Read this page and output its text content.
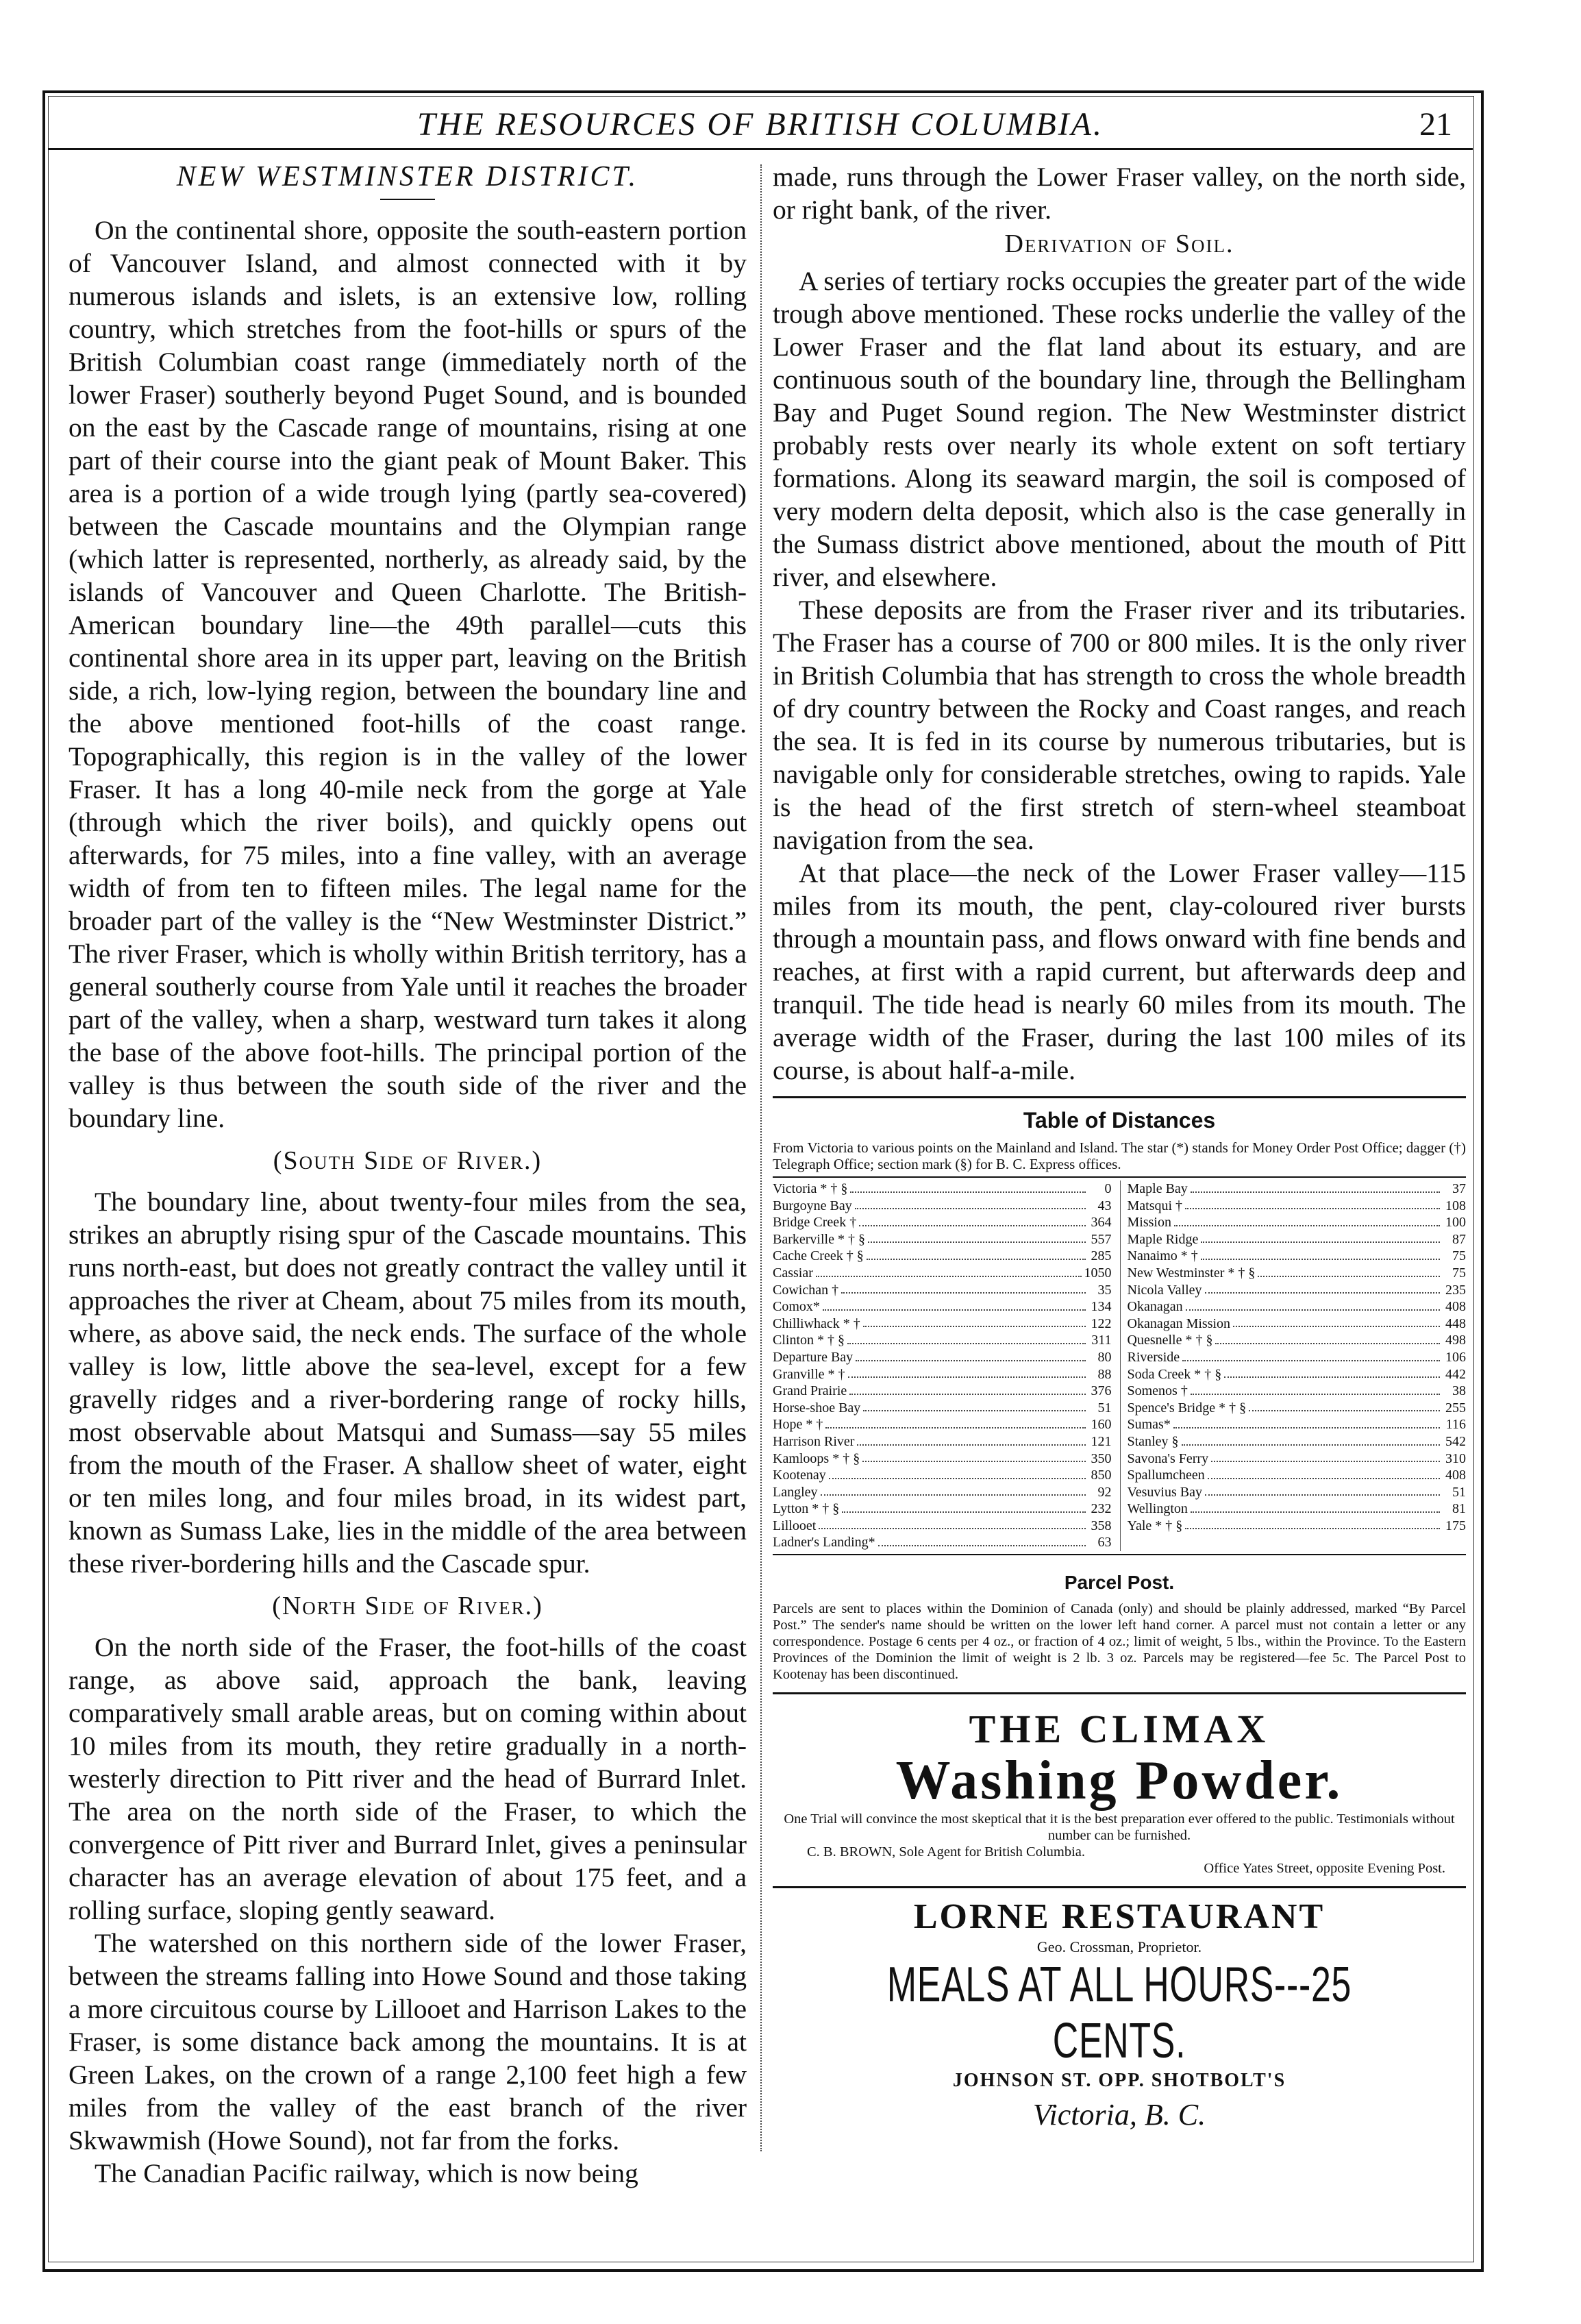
THE RESOURCES OF BRITISH COLUMBIA.	21
NEW WESTMINSTER DISTRICT.

On the continental shore, opposite the south-eastern portion of Vancouver Island, and almost connected with it by numerous islands and islets, is an extensive low, rolling country, which stretches from the foot-hills or spurs of the British Columbian coast range (immediately north of the lower Fraser) southerly beyond Puget Sound, and is bounded on the east by the Cascade range of mountains, rising at one part of their course into the giant peak of Mount Baker. This area is a portion of a wide trough lying (partly sea-covered) between the Cascade mountains and the Olympian range (which latter is represented, northerly, as already said, by the islands of Vancouver and Queen Charlotte. The British-American boundary line—the 49th parallel—cuts this continental shore area in its upper part, leaving on the British side, a rich, low-lying region, between the boundary line and the above mentioned foot-hills of the coast range. Topographically, this region is in the valley of the lower Fraser. It has a long 40-mile neck from the gorge at Yale (through which the river boils), and quickly opens out afterwards, for 75 miles, into a fine valley, with an average width of from ten to fifteen miles. The legal name for the broader part of the valley is the “New Westminster District.” The river Fraser, which is wholly within British territory, has a general southerly course from Yale until it reaches the broader part of the valley, when a sharp, westward turn takes it along the base of the above foot-hills. The principal portion of the valley is thus between the south side of the river and the boundary line.

(South Side of River.)

The boundary line, about twenty-four miles from the sea, strikes an abruptly rising spur of the Cascade mountains. This runs north-east, but does not greatly contract the valley until it approaches the river at Cheam, about 75 miles from its mouth, where, as above said, the neck ends. The surface of the whole valley is low, little above the sea-level, except for a few gravelly ridges and a river-bordering range of rocky hills, most observable about Matsqui and Sumass—say 55 miles from the mouth of the Fraser. A shallow sheet of water, eight or ten miles long, and four miles broad, in its widest part, known as Sumass Lake, lies in the middle of the area between these river-bordering hills and the Cascade spur.

(North Side of River.)

On the north side of the Fraser, the foot-hills of the coast range, as above said, approach the bank, leaving comparatively small arable areas, but on coming within about 10 miles from its mouth, they retire gradually in a north-westerly direction to Pitt river and the head of Burrard Inlet. The area on the north side of the Fraser, to which the convergence of Pitt river and Burrard Inlet, gives a peninsular character has an average elevation of about 175 feet, and a rolling surface, sloping gently seaward.

The watershed on this northern side of the lower Fraser, between the streams falling into Howe Sound and those taking a more circuitous course by Lillooet and Harrison Lakes to the Fraser, is some distance back among the mountains. It is at Green Lakes, on the crown of a range 2,100 feet high a few miles from the valley of the east branch of the river Skwawmish (Howe Sound), not far from the forks.

The Canadian Pacific railway, which is now being

made, runs through the Lower Fraser valley, on the north side, or right bank, of the river.

Derivation of Soil.

A series of tertiary rocks occupies the greater part of the wide trough above mentioned. These rocks underlie the valley of the Lower Fraser and the flat land about its estuary, and are continuous south of the boundary line, through the Bellingham Bay and Puget Sound region. The New Westminster district probably rests over nearly its whole extent on soft tertiary formations. Along its seaward margin, the soil is composed of very modern delta deposit, which also is the case generally in the Sumass district above mentioned, about the mouth of Pitt river, and elsewhere.

These deposits are from the Fraser river and its tributaries. The Fraser has a course of 700 or 800 miles. It is the only river in British Columbia that has strength to cross the whole breadth of dry country between the Rocky and Coast ranges, and reach the sea. It is fed in its course by numerous tributaries, but is navigable only for considerable stretches, owing to rapids. Yale is the head of the first stretch of stern-wheel steamboat navigation from the sea.

At that place—the neck of the Lower Fraser valley—115 miles from its mouth, the pent, clay-coloured river bursts through a mountain pass, and flows onward with fine bends and reaches, at first with a rapid current, but afterwards deep and tranquil. The tide head is nearly 60 miles from its mouth. The average width of the Fraser, during the last 100 miles of its course, is about half-a-mile.

Table of Distances
From Victoria to various points on the Mainland and Island. The star (*) stands for Money Order Post Office; dagger (†) Telegraph Office; section mark (§) for B. C. Express offices.
Victoria * † §	0
Burgoyne Bay	43
Bridge Creek †	364
Barkerville * † §	557
Cache Creek † §	285
Cassiar	1050
Cowichan †	35
Comox*	134
Chilliwhack * †	122
Clinton * † §	311
Departure Bay	80
Granville * †	88
Grand Prairie	376
Horse-shoe Bay	51
Hope * †	160
Harrison River	121
Kamloops * † §	350
Kootenay	850
Langley	92
Lytton * † §	232
Lillooet	358
Ladner's Landing*	63
Maple Bay	37
Matsqui †	108
Mission	100
Maple Ridge	87
Nanaimo * †	75
New Westminster * † §	75
Nicola Valley	235
Okanagan	408
Okanagan Mission	448
Quesnelle * † §	498
Riverside	106
Soda Creek * † §	442
Somenos †	38
Spence's Bridge * † §	255
Sumas*	116
Stanley §	542
Savona's Ferry	310
Spallumcheen	408
Vesuvius Bay	51
Wellington	81
Yale * † §	175
Parcel Post.
Parcels are sent to places within the Dominion of Canada (only) and should be plainly addressed, marked “By Parcel Post.” The sender's name should be written on the lower left hand corner. A parcel must not contain a letter or any correspondence. Postage 6 cents per 4 oz., or fraction of 4 oz.; limit of weight, 5 lbs., within the Province. To the Eastern Provinces of the Dominion the limit of weight is 2 lb. 3 oz. Parcels may be registered—fee 5c. The Parcel Post to Kootenay has been discontinued.
THE CLIMAX
Washing Powder.
One Trial will convince the most skeptical that it is the best preparation ever offered to the public. Testimonials without number can be furnished.
C. B. BROWN, Sole Agent for British Columbia.
Office Yates Street, opposite Evening Post.
LORNE RESTAURANT
Geo. Crossman, Proprietor.
MEALS AT ALL HOURS---25 CENTS.
JOHNSON ST. OPP. SHOTBOLT'S
Victoria, B. C.
